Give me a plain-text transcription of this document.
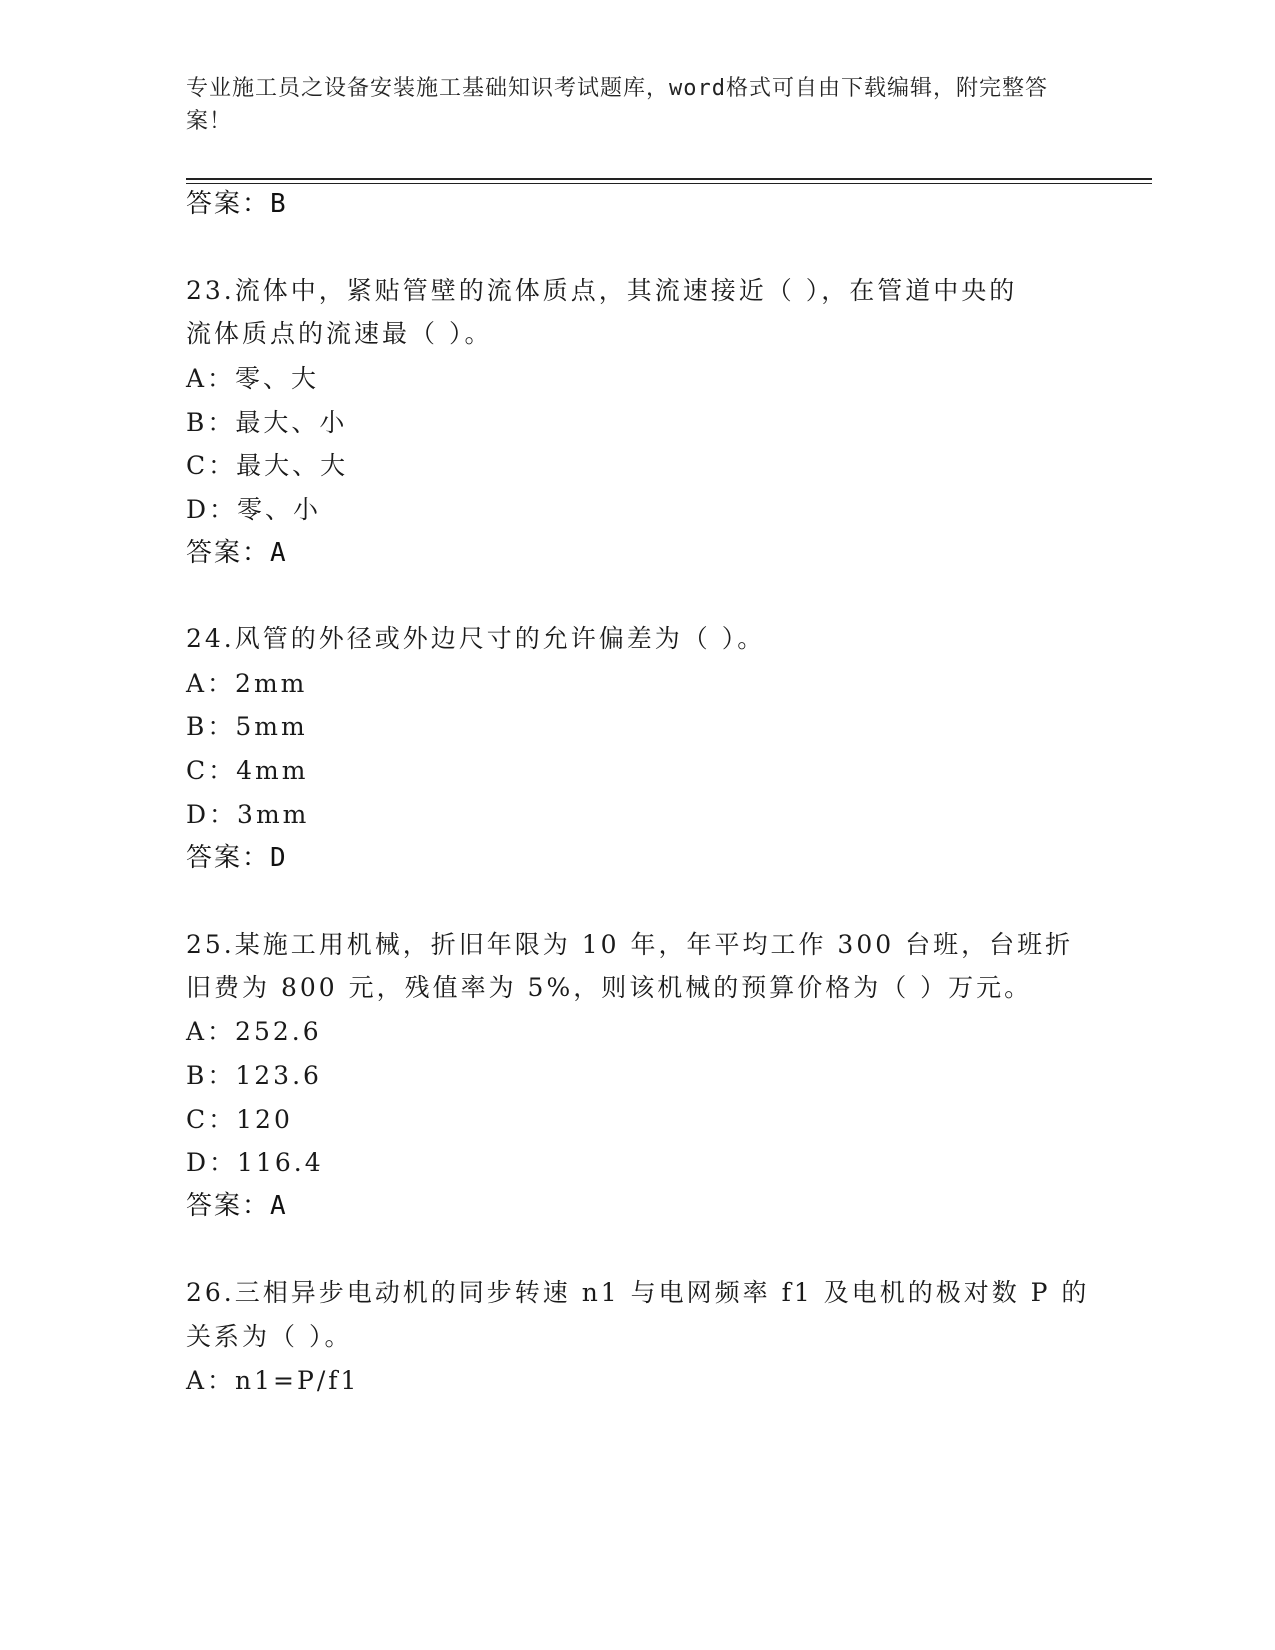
专业施工员之设备安装施工基础知识考试题库，word格式可自由下载编辑，附完整答案！
答案：B
23.流体中，紧贴管壁的流体质点，其流速接近（ ），在管道中央的
流体质点的流速最（ ）。
A：零、大
B：最大、小
C：最大、大
D：零、小
答案：A
24.风管的外径或外边尺寸的允许偏差为（ ）。
A：2mm
B：5mm
C：4mm
D：3mm
答案：D
25.某施工用机械，折旧年限为 10 年，年平均工作 300 台班，台班折
旧费为 800 元，残值率为 5%，则该机械的预算价格为（ ）万元。
A：252.6
B：123.6
C：120
D：116.4
答案：A
26.三相异步电动机的同步转速 n1 与电网频率 f1 及电机的极对数 P 的
关系为（ ）。
A：n1=P/f1
